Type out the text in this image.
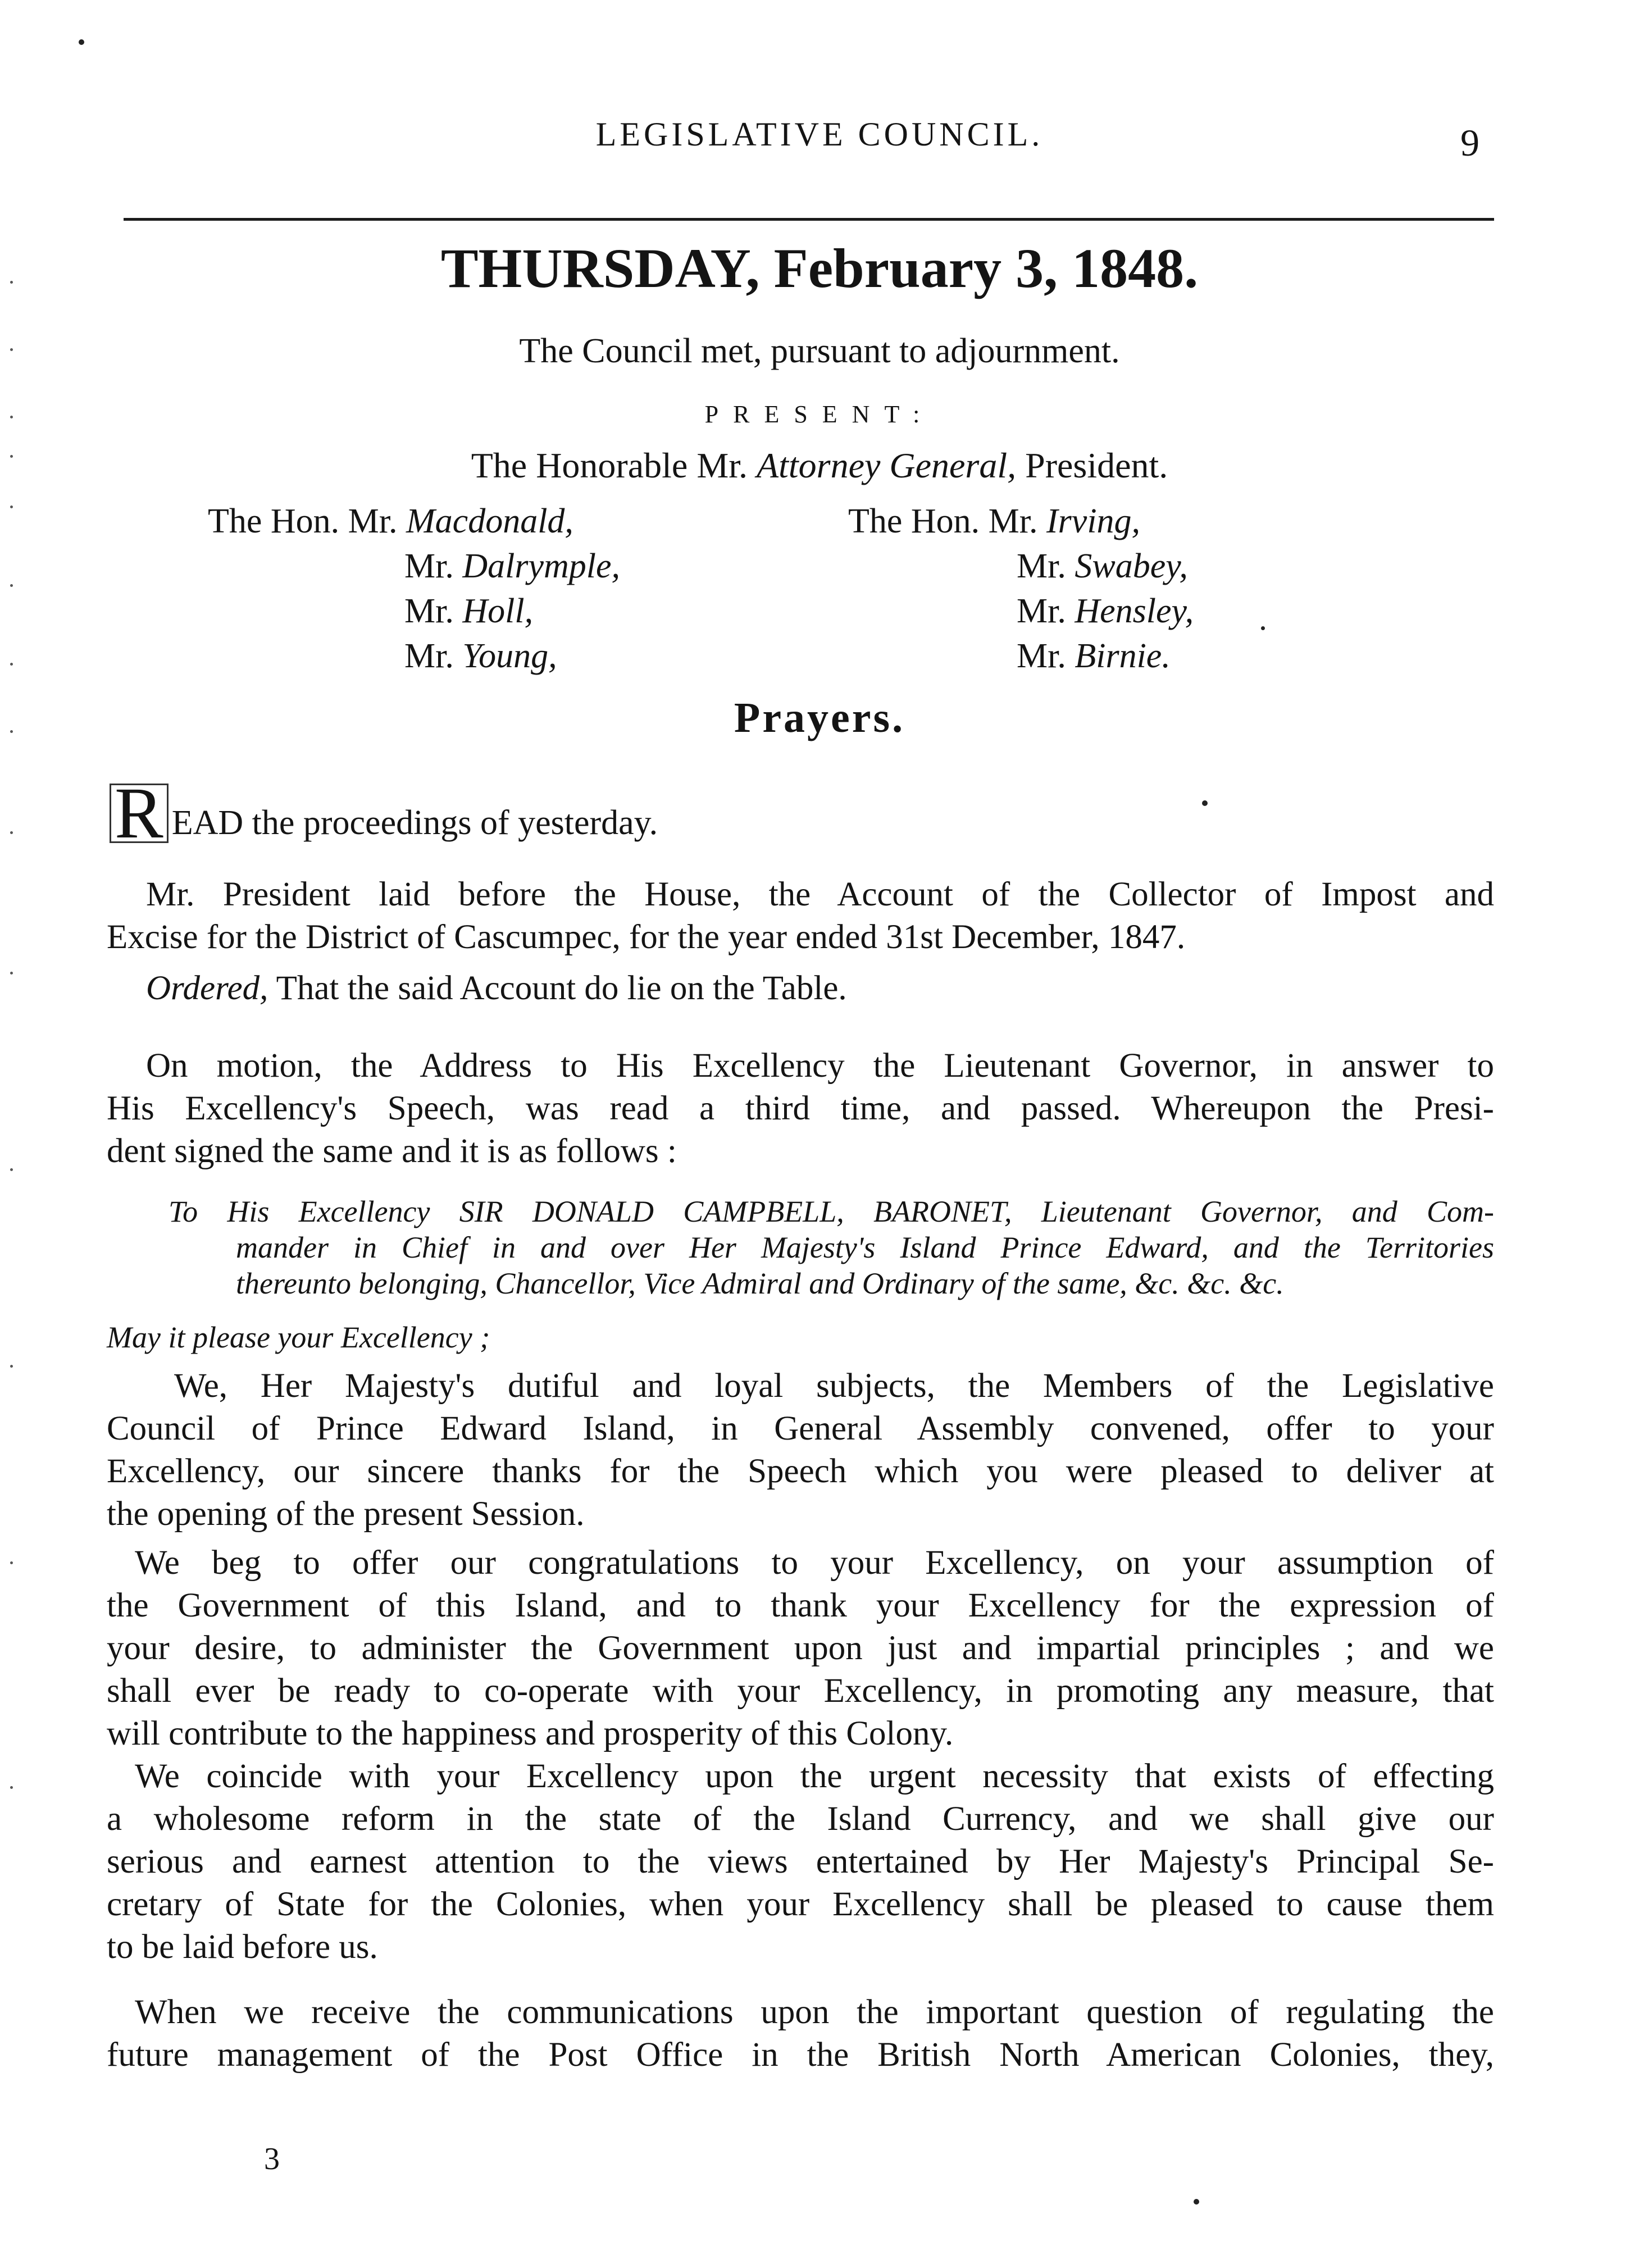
LEGISLATIVE COUNCIL.	9
THURSDAY, February 3, 1848.
The Council met, pursuant to adjournment.
PRESENT:
The Honorable Mr. Attorney General, President.
The Hon. Mr. Macdonald,
Mr. Dalrymple,
Mr. Holl,
Mr. Young,
The Hon. Mr. Irving,
Mr. Swabey,
Mr. Hensley,
Mr. Birnie.
Prayers.
R EAD the proceedings of yesterday.
Mr. President laid before the House, the Account of the Collector of Impost and
Excise for the District of Cascumpec, for the year ended 31st December, 1847.
Ordered, That the said Account do lie on the Table.
On motion, the Address to His Excellency the Lieutenant Governor, in answer to
His Excellency's Speech, was read a third time, and passed. Whereupon the Presi-
dent signed the same and it is as follows :
To His Excellency SIR DONALD CAMPBELL, BARONET, Lieutenant Governor, and Com-
mander in Chief in and over Her Majesty's Island Prince Edward, and the Territories
thereunto belonging, Chancellor, Vice Admiral and Ordinary of the same, &c. &c. &c.
May it please your Excellency ;
We, Her Majesty's dutiful and loyal subjects, the Members of the Legislative
Council of Prince Edward Island, in General Assembly convened, offer to your
Excellency, our sincere thanks for the Speech which you were pleased to deliver at
the opening of the present Session.
We beg to offer our congratulations to your Excellency, on your assumption of
the Government of this Island, and to thank your Excellency for the expression of
your desire, to administer the Government upon just and impartial principles ; and we
shall ever be ready to co-operate with your Excellency, in promoting any measure, that
will contribute to the happiness and prosperity of this Colony.
We coincide with your Excellency upon the urgent necessity that exists of effecting
a wholesome reform in the state of the Island Currency, and we shall give our
serious and earnest attention to the views entertained by Her Majesty's Principal Se-
cretary of State for the Colonies, when your Excellency shall be pleased to cause them
to be laid before us.
When we receive the communications upon the important question of regulating the
future management of the Post Office in the British North American Colonies, they,
3
